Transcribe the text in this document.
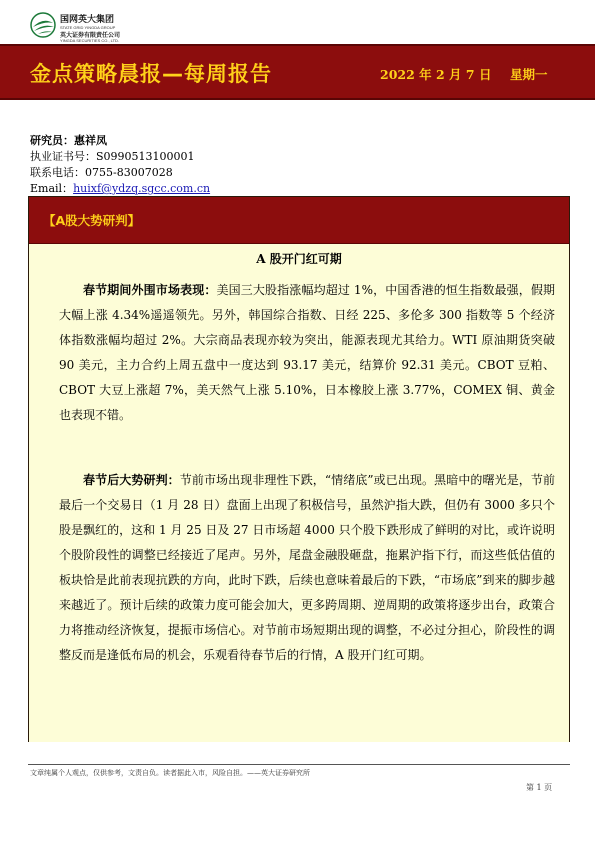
国网英大集团
STATE GRID YINGDA GROUP
英大证券有限责任公司
YINGDA SECURITIES CO., LTD.
金点策略晨报—每周报告	2022 年 2 月 7 日 星期一
研究员：惠祥凤
执业证书号：S0990513100001
联系电话：0755-83007028
Email：huixf@ydzq.sgcc.com.cn
【A股大势研判】
A 股开门红可期
春节期间外围市场表现：美国三大股指涨幅均超过 1%，中国香港的恒生指数最强，假期大幅上涨 4.34%遥遥领先。另外，韩国综合指数、日经 225、多伦多 300 指数等 5 个经济体指数涨幅均超过 2%。大宗商品表现亦较为突出，能源表现尤其给力。WTI 原油期货突破 90 美元，主力合约上周五盘中一度达到 93.17 美元，结算价 92.31 美元。CBOT 豆粕、CBOT 大豆上涨超 7%，美天然气上涨 5.10%，日本橡胶上涨 3.77%，COMEX 铜、黄金也表现不错。
春节后大势研判：节前市场出现非理性下跌，“情绪底”或已出现。黑暗中的曙光是，节前最后一个交易日（1 月 28 日）盘面上出现了积极信号，虽然沪指大跌，但仍有 3000 多只个股是飘红的，这和 1 月 25 日及 27 日市场超 4000 只个股下跌形成了鲜明的对比，或许说明个股阶段性的调整已经接近了尾声。另外，尾盘金融股砸盘，拖累沪指下行，而这些低估值的板块恰是此前表现抗跌的方向，此时下跌，后续也意味着最后的下跌，“市场底”到来的脚步越来越近了。预计后续的政策力度可能会加大，更多跨周期、逆周期的政策将逐步出台，政策合力将推动经济恢复，提振市场信心。对节前市场短期出现的调整，不必过分担心，阶段性的调整反而是逢低布局的机会，乐观看待春节后的行情，A 股开门红可期。
文章纯属个人观点，仅供参考，文责自负。读者据此入市，风险自担。——英大证券研究所
第 1 页
